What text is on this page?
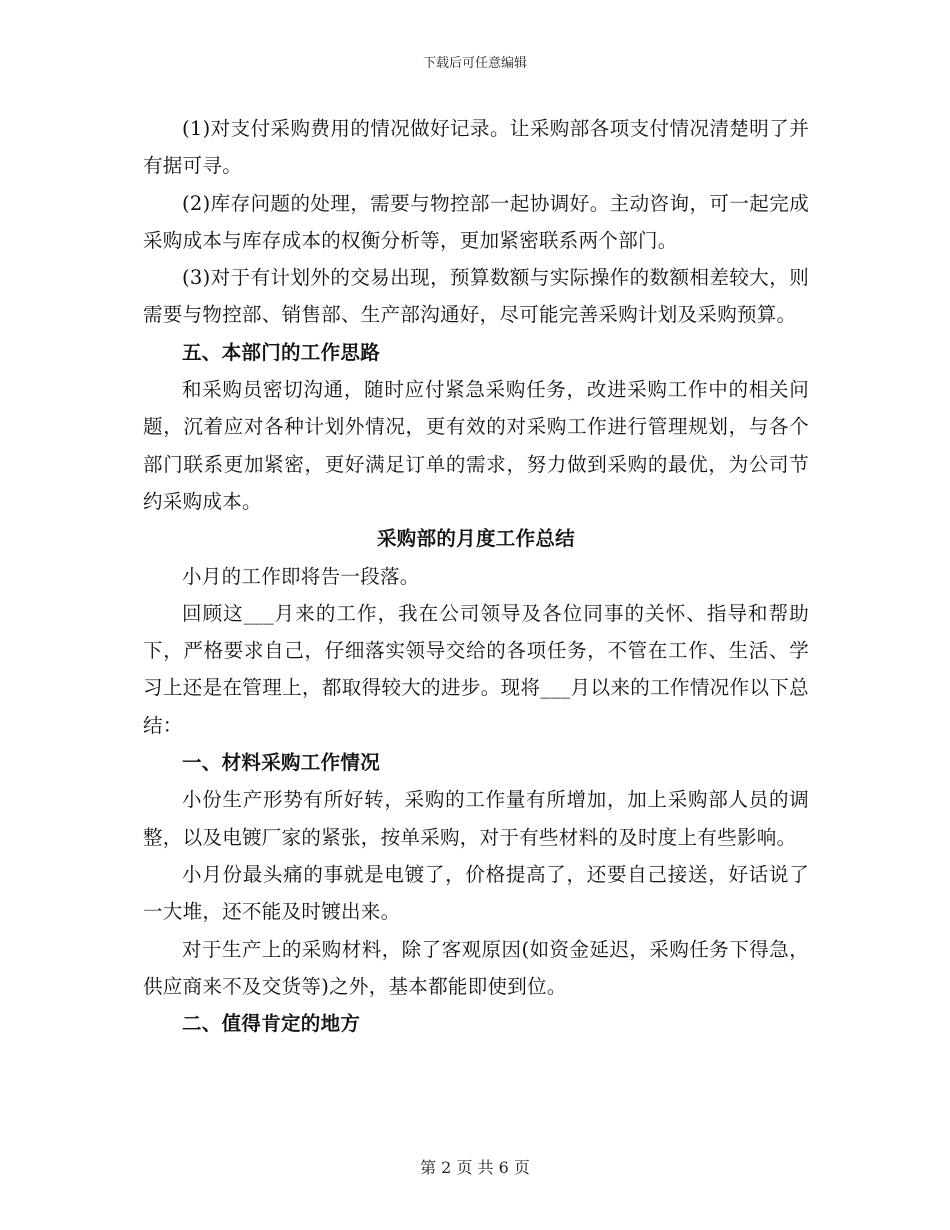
下载后可任意编辑

(1)对支付采购费用的情况做好记录。让采购部各项支付情况清楚明了并有据可寻。

(2)库存问题的处理，需要与物控部一起协调好。主动咨询，可一起完成采购成本与库存成本的权衡分析等，更加紧密联系两个部门。

(3)对于有计划外的交易出现，预算数额与实际操作的数额相差较大，则需要与物控部、销售部、生产部沟通好，尽可能完善采购计划及采购预算。

五、本部门的工作思路

和采购员密切沟通，随时应付紧急采购任务，改进采购工作中的相关问题，沉着应对各种计划外情况，更有效的对采购工作进行管理规划，与各个部门联系更加紧密，更好满足订单的需求，努力做到采购的最优，为公司节约采购成本。

采购部的月度工作总结

小月的工作即将告一段落。

回顾这___月来的工作，我在公司领导及各位同事的关怀、指导和帮助下，严格要求自己，仔细落实领导交给的各项任务，不管在工作、生活、学习上还是在管理上，都取得较大的进步。现将___月以来的工作情况作以下总结：

一、材料采购工作情况

小份生产形势有所好转，采购的工作量有所增加，加上采购部人员的调整，以及电镀厂家的紧张，按单采购，对于有些材料的及时度上有些影响。

小月份最头痛的事就是电镀了，价格提高了，还要自己接送，好话说了一大堆，还不能及时镀出来。

对于生产上的采购材料，除了客观原因(如资金延迟，采购任务下得急，供应商来不及交货等)之外，基本都能即使到位。

二、值得肯定的地方

第 2 页 共 6 页
